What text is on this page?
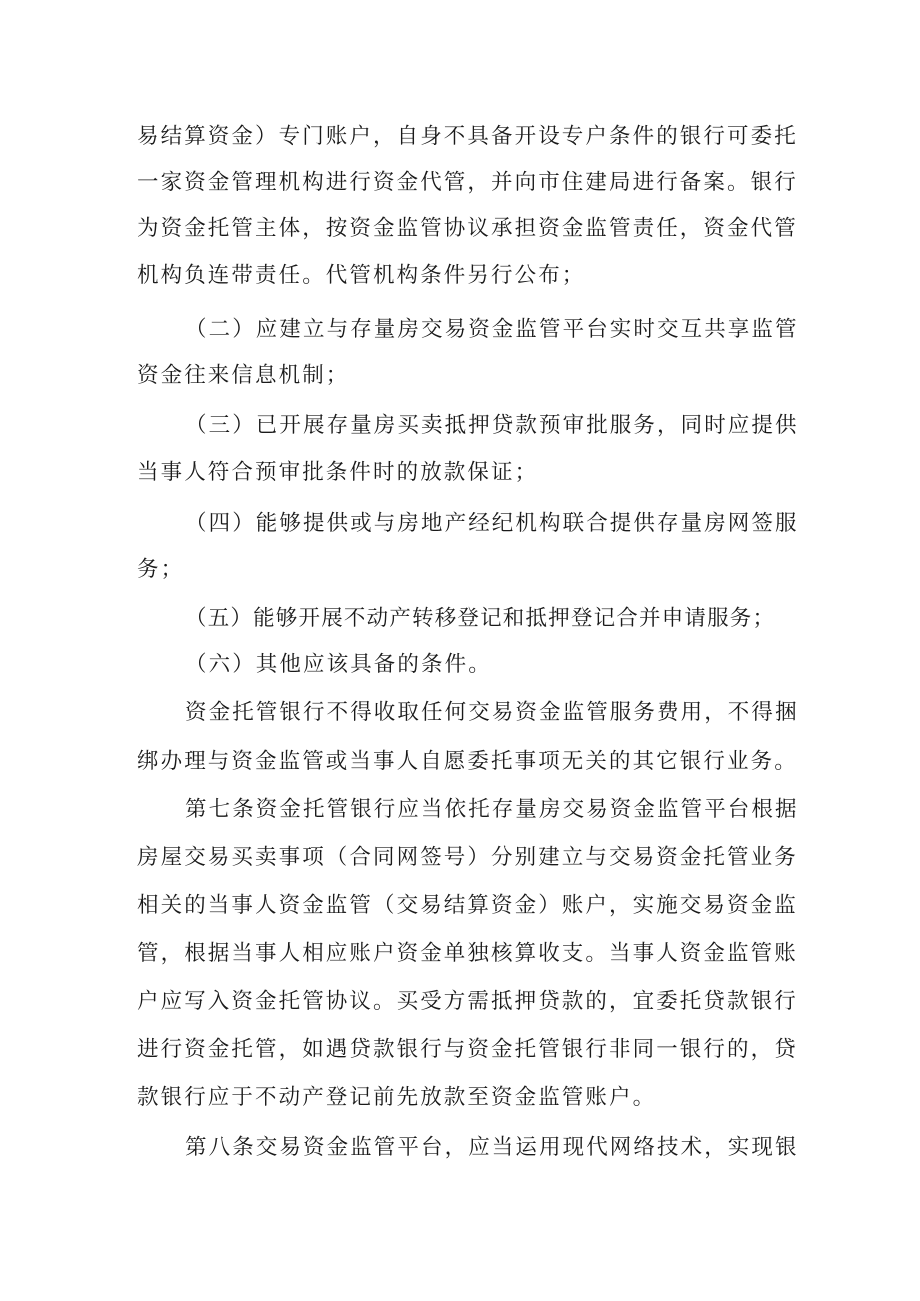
易结算资金）专门账户，自身不具备开设专户条件的银行可委托
一家资金管理机构进行资金代管，并向市住建局进行备案。银行
为资金托管主体，按资金监管协议承担资金监管责任，资金代管
机构负连带责任。代管机构条件另行公布；
（二）应建立与存量房交易资金监管平台实时交互共享监管
资金往来信息机制；
（三）已开展存量房买卖抵押贷款预审批服务，同时应提供
当事人符合预审批条件时的放款保证；
（四）能够提供或与房地产经纪机构联合提供存量房网签服
务；
（五）能够开展不动产转移登记和抵押登记合并申请服务；
（六）其他应该具备的条件。
资金托管银行不得收取任何交易资金监管服务费用，不得捆
绑办理与资金监管或当事人自愿委托事项无关的其它银行业务。
第七条资金托管银行应当依托存量房交易资金监管平台根据
房屋交易买卖事项（合同网签号）分别建立与交易资金托管业务
相关的当事人资金监管（交易结算资金）账户，实施交易资金监
管，根据当事人相应账户资金单独核算收支。当事人资金监管账
户应写入资金托管协议。买受方需抵押贷款的，宜委托贷款银行
进行资金托管，如遇贷款银行与资金托管银行非同一银行的，贷
款银行应于不动产登记前先放款至资金监管账户。
第八条交易资金监管平台，应当运用现代网络技术，实现银
